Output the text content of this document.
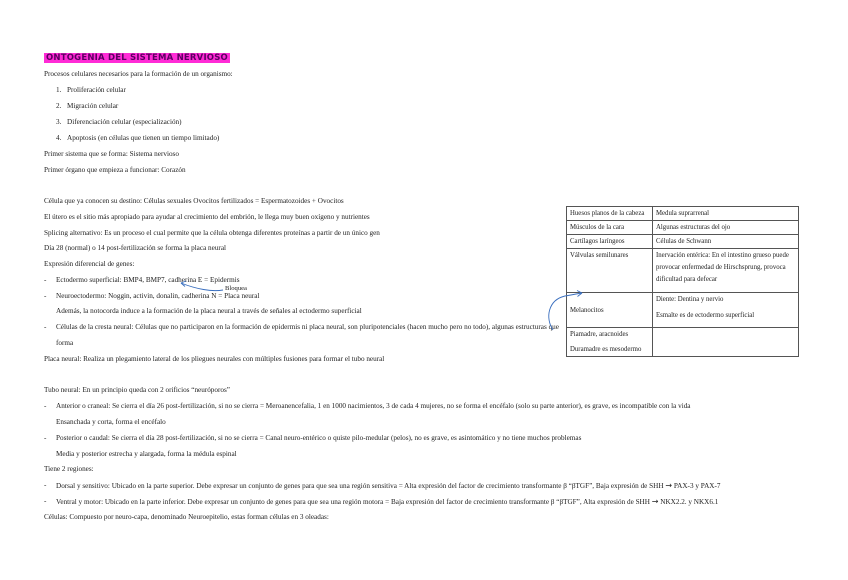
ONTOGENIA DEL SISTEMA NERVIOSO
Procesos celulares necesarios para la formación de un organismo:
1. Proliferación celular
2. Migración celular
3. Diferenciación celular (especialización)
4. Apoptosis (en células que tienen un tiempo limitado)
Primer sistema que se forma: Sistema nervioso
Primer órgano que empieza a funcionar: Corazón
Célula que ya conocen su destino: Células sexuales Ovocitos fertilizados = Espermatozoides + Ovocitos
El útero es el sitio más apropiado para ayudar al crecimiento del embrión, le llega muy buen oxígeno y nutrientes
Splicing alternativo: Es un proceso el cual permite que la célula obtenga diferentes proteínas a partir de un único gen
Día 28 (normal) o 14 post-fertilización se forma la placa neural
Expresión diferencial de genes:
- Ectodermo superficial: BMP4, BMP7, cadherina E = Epidermis
Bloquea
- Neuroectodermo: Noggin, activin, donalin, cadherina N = Placa neural
Además, la notocorda induce a la formación de la placa neural a través de señales al ectodermo superficial
- Células de la cresta neural: Células que no participaron en la formación de epidermis ni placa neural, son pluripotenciales (hacen mucho pero no todo), algunas estructuras que
forma
Placa neural: Realiza un plegamiento lateral de los pliegues neurales con múltiples fusiones para formar el tubo neural
Tubo neural: En un principio queda con 2 orificios “neuróporos”
- Anterior o craneal: Se cierra el día 26 post-fertilización, si no se cierra = Meroanencefalia, 1 en 1000 nacimientos, 3 de cada 4 mujeres, no se forma el encéfalo (solo su parte anterior), es grave, es incompatible con la vida
Ensanchada y corta, forma el encéfalo
- Posterior o caudal: Se cierra el día 28 post-fertilización, si no se cierra = Canal neuro-entérico o quiste pilo-medular (pelos), no es grave, es asintomático y no tiene muchos problemas
Media y posterior estrecha y alargada, forma la médula espinal
Tiene 2 regiones:
- Dorsal y sensitivo: Ubicado en la parte superior. Debe expresar un conjunto de genes para que sea una región sensitiva = Alta expresión del factor de crecimiento transformante β “βTGF”, Baja expresión de SHH → PAX-3 y PAX-7
- Ventral y motor: Ubicado en la parte inferior. Debe expresar un conjunto de genes para que sea una región motora = Baja expresión del factor de crecimiento transformante β “βTGF”, Alta expresión de SHH → NKX2.2. y NKX6.1
Células: Compuesto por neuro-capa, denominado Neuroepitelio, estas forman células en 3 oleadas:
Huesos planos de la cabeza	Medula suprarrenal

Músculos de la cara	Algunas estructuras del ojo

Cartílagos laríngeos	Células de Schwann

Válvulas semilunares	Inervación entérica: En el intestino grueso puede
provocar enfermedad de Hirschsprung, provoca
dificultad para defecar

Melanocitos	Diente: Dentina y nervio
Esmalte es de ectodermo superficial

Piamadre, aracnoides
Duramadre es mesodermo	
